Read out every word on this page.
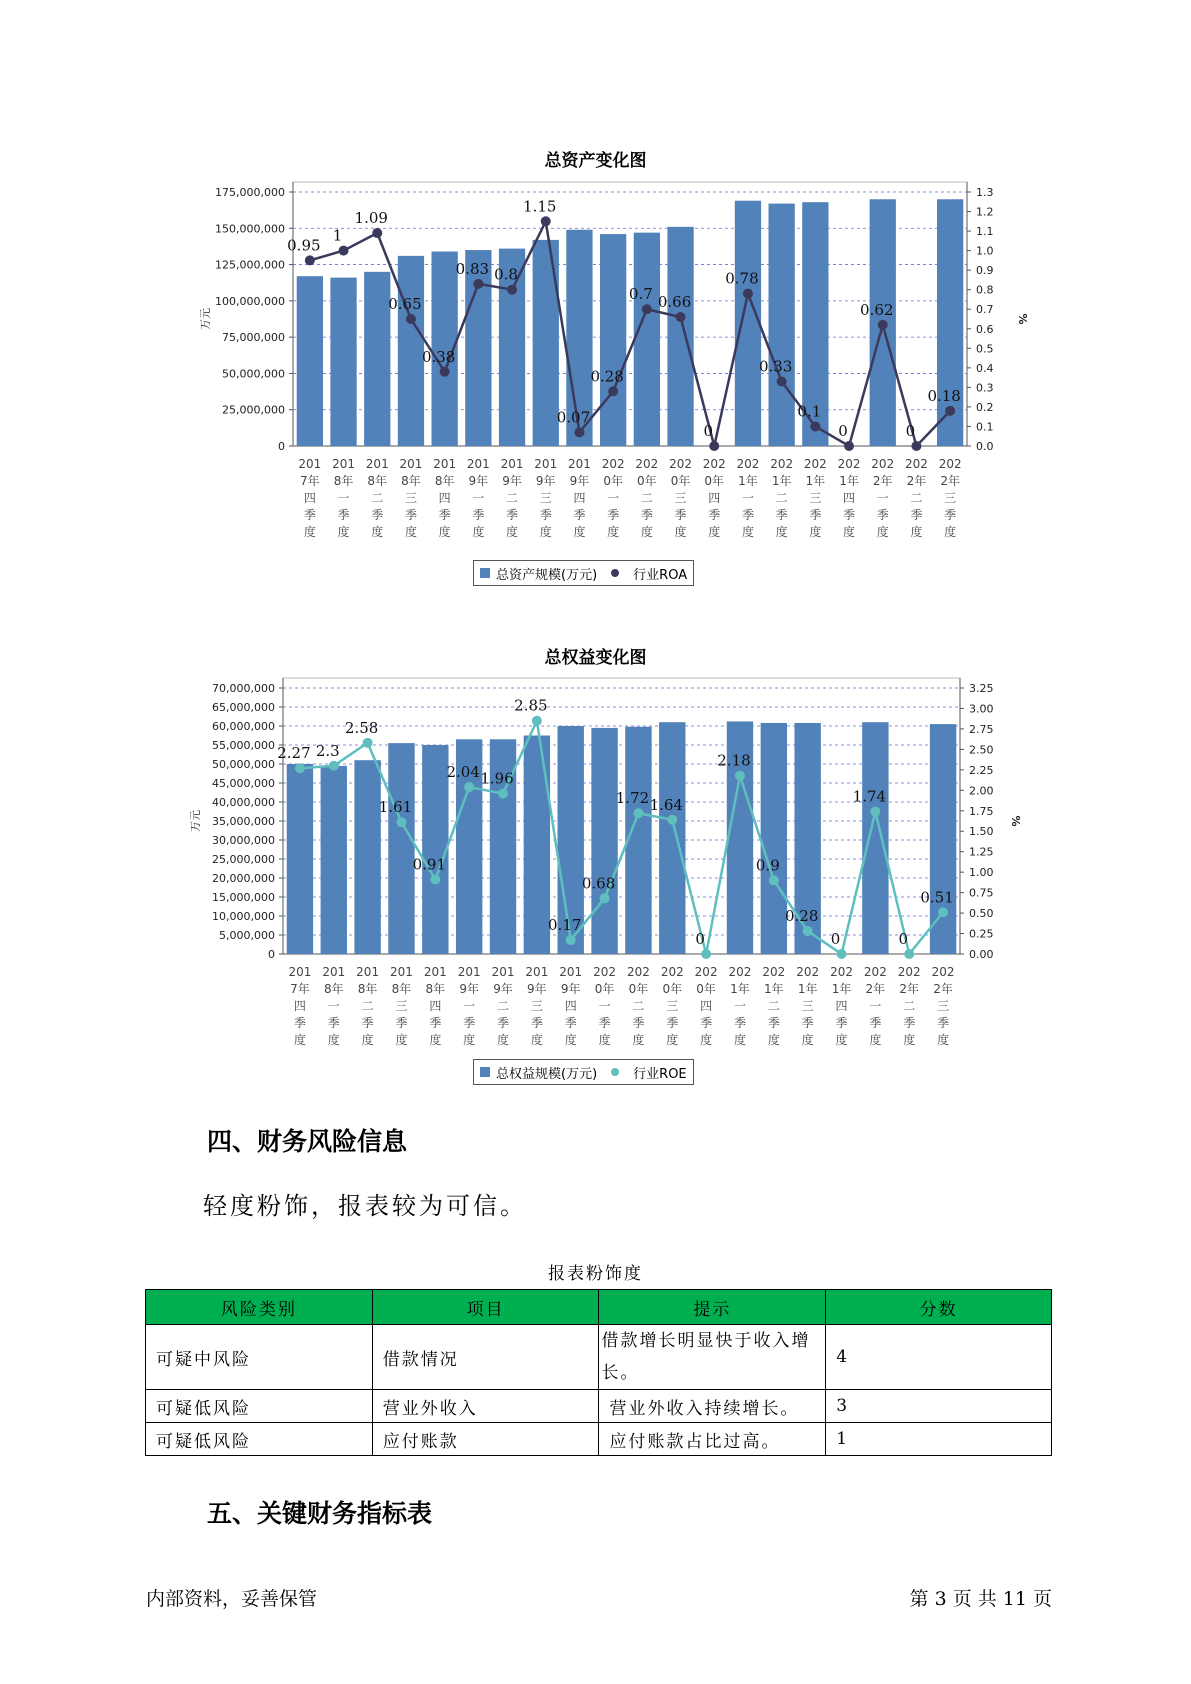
总资产变化图
0
25,000,000
50,000,000
75,000,000
100,000,000
125,000,000
150,000,000
175,000,000
0.0
0.1
0.2
0.3
0.4
0.5
0.6
0.7
0.8
0.9
1.0
1.1
1.2
1.3
万元	%
201 7年四季度
201 8年一季度
201 8年二季度
201 8年三季度
201 8年四季度
201 9年一季度
201 9年二季度
201 9年三季度
201 9年四季度
202 0年一季度
202 0年二季度
202 0年三季度
202 0年四季度
202 1年一季度
202 1年二季度
202 1年三季度
202 1年四季度
202 2年一季度
202 2年二季度
202 2年三季度
0.95
1
1.09
0.65
0.38
0.83 0.8
1.15
0.07
0.28
0.7 0.66
0
0.78
0.33
0.1
0
0.62
0
0.18
总资产规模(万元)	行业ROA
总权益变化图
0
5,000,000
10,000,000
15,000,000
20,000,000
25,000,000
30,000,000
35,000,000
40,000,000
45,000,000
50,000,000
55,000,000
60,000,000
65,000,000
70,000,000
0.00
0.25
0.50
0.75
1.00
1.25
1.50
1.75
2.00
2.25
2.50
2.75
3.00
3.25
万元	%
201 7年四季度
201 8年一季度
201 8年二季度
201 8年三季度
201 8年四季度
201 9年一季度
201 9年二季度
201 9年三季度
201 9年四季度
202 0年一季度
202 0年二季度
202 0年三季度
202 0年四季度
202 1年一季度
202 1年二季度
202 1年三季度
202 1年四季度
202 2年一季度
202 2年二季度
202 2年三季度
2.27 2.3
2.58
1.61
0.91
2.04 1.96
2.85
0.17
0.68
1.72 1.64
0
2.18
0.9
0.28
0
1.74
0
0.51
总权益规模(万元)	行业ROE
四、财务风险信息
轻度粉饰，报表较为可信。
报表粉饰度
风险类别	项目	提示	分数
可疑中风险	借款情况	借款增长明显快于收入增长。	4
可疑低风险	营业外收入	营业外收入持续增长。	3
可疑低风险	应付账款	应付账款占比过高。	1
五、关键财务指标表
内部资料，妥善保管	第 3 页 共 11 页
